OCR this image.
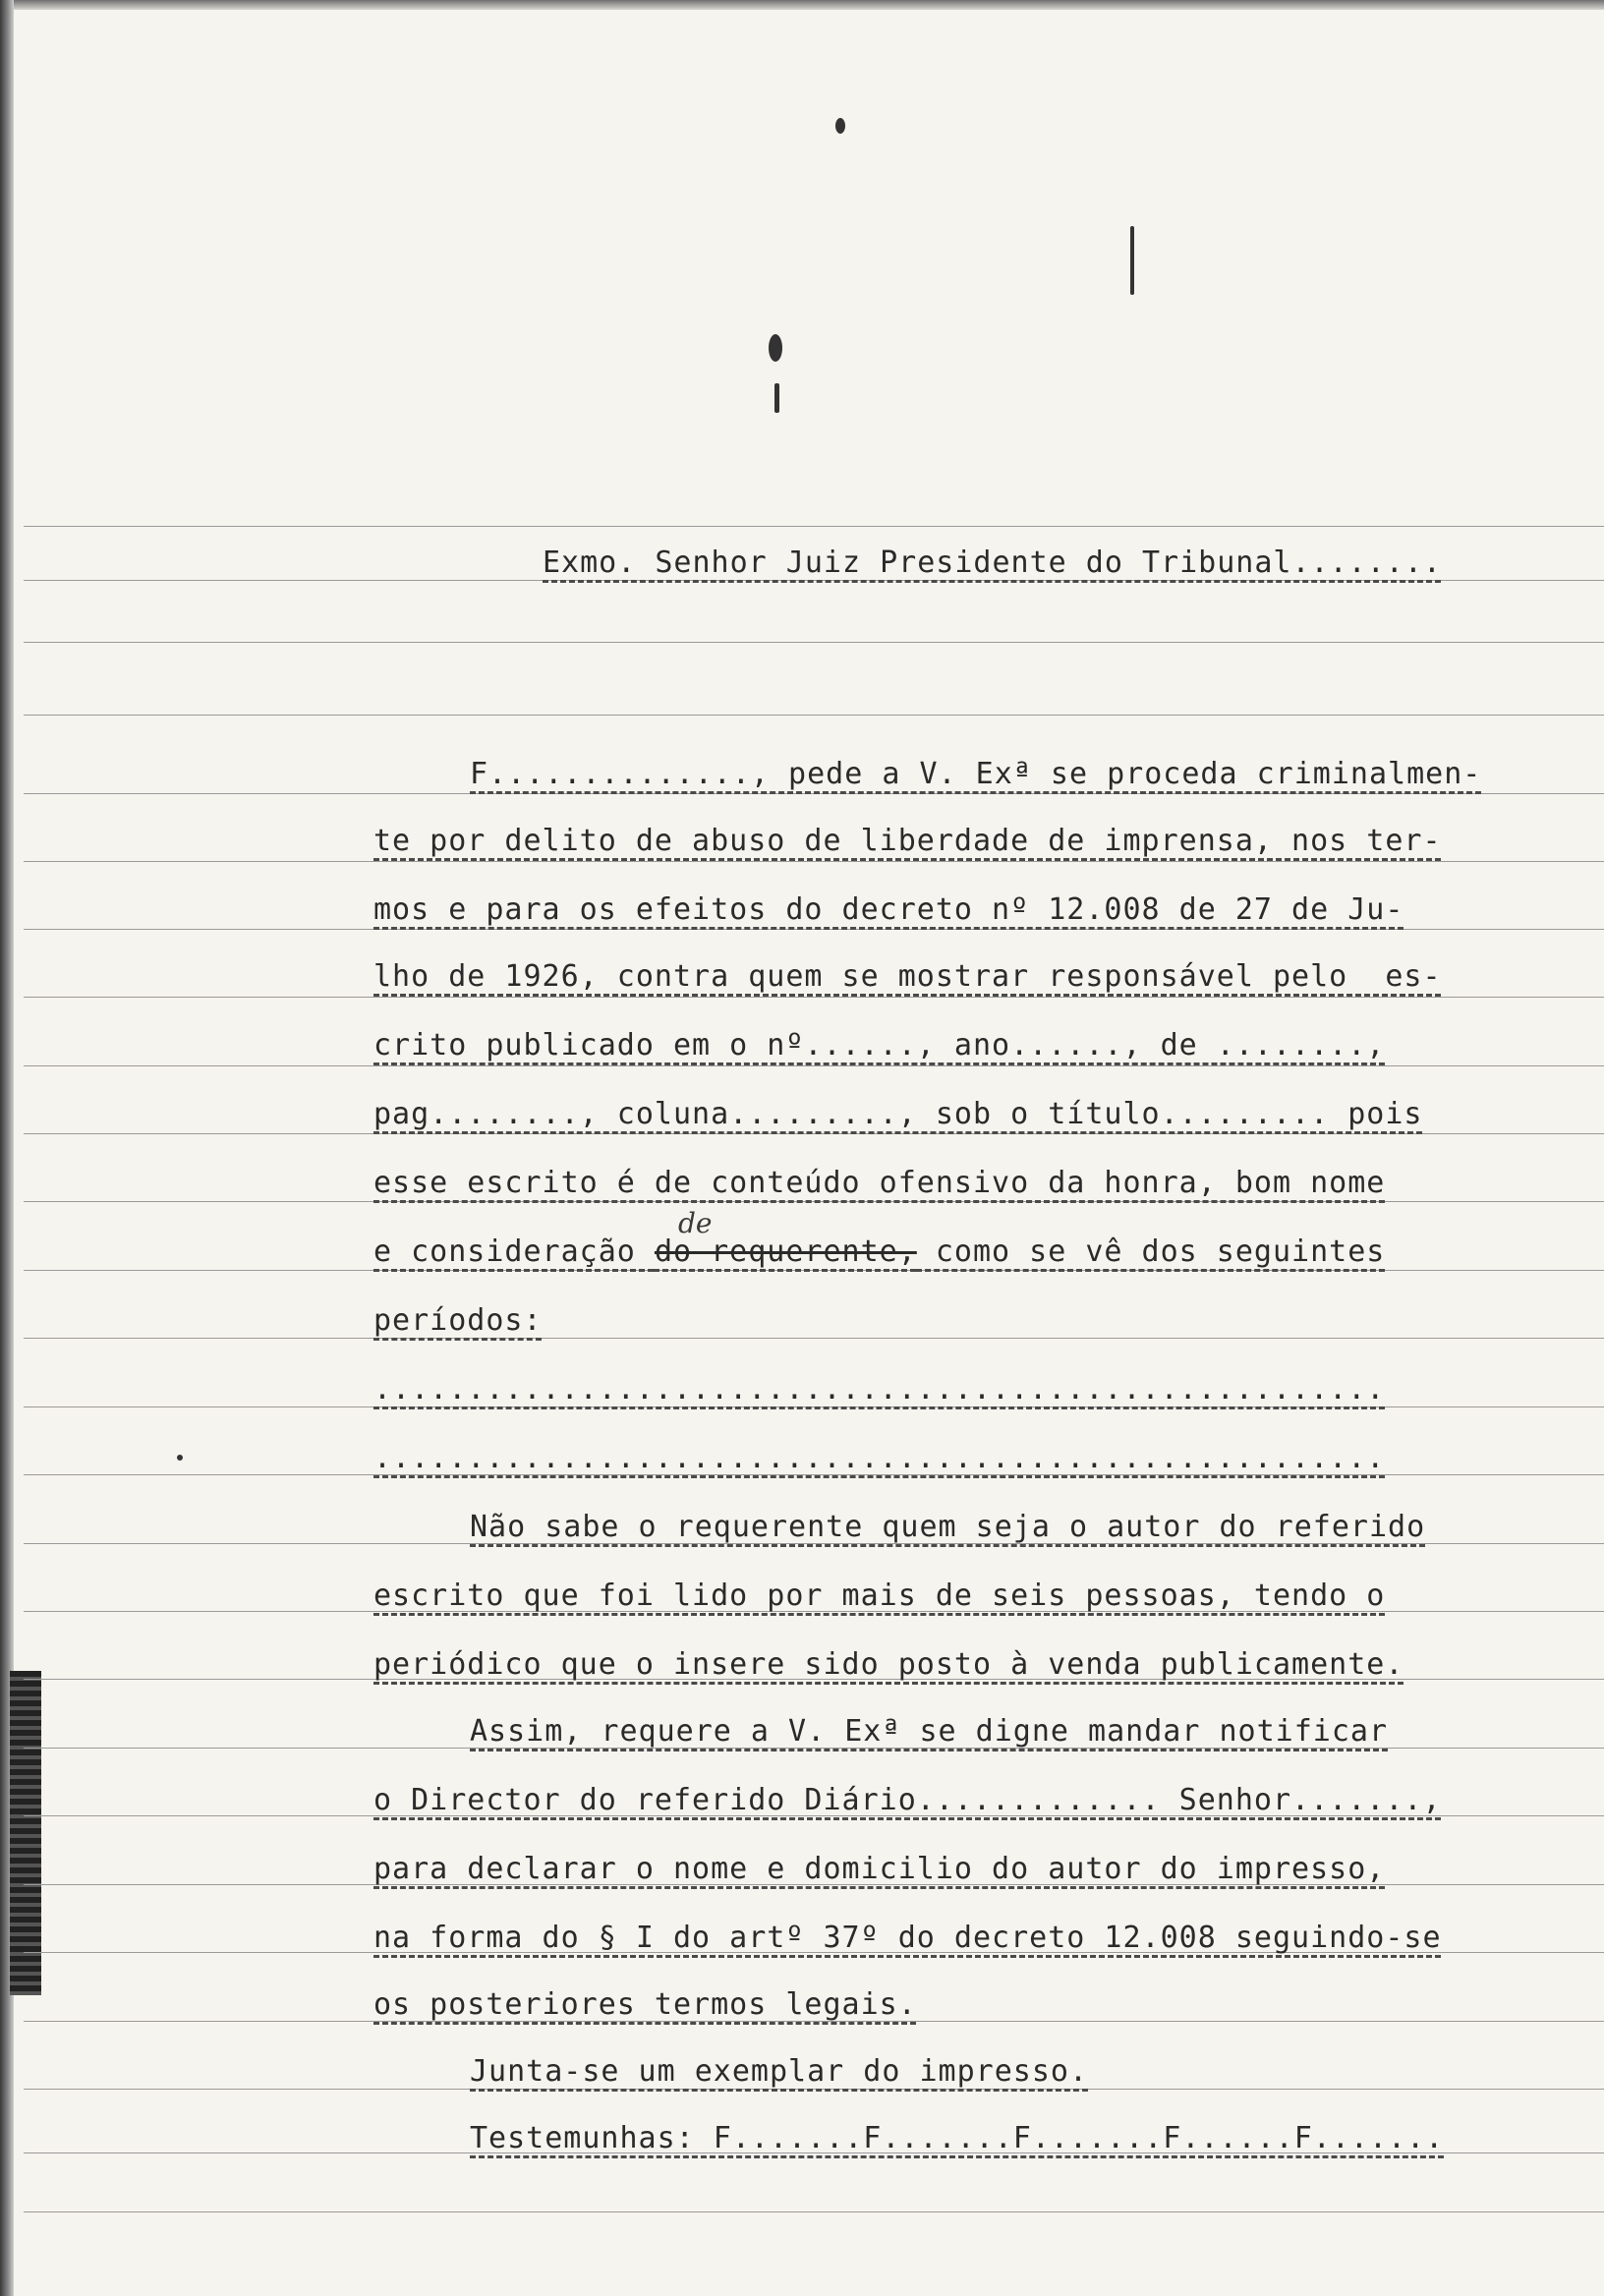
de
Exmo. Senhor Juiz Presidente do Tribunal........
F.............., pede a V. Exª se proceda criminalmen-
te por delito de abuso de liberdade de imprensa, nos ter-
mos e para os efeitos do decreto nº 12.008 de 27 de Ju-
lho de 1926, contra quem se mostrar responsável pelo  es-
crito publicado em o nº......, ano......, de ........,
pag........, coluna........., sob o título......... pois
esse escrito é de conteúdo ofensivo da honra, bom nome
e consideração do requerente, como se vê dos seguintes
períodos:
......................................................
......................................................
Não sabe o requerente quem seja o autor do referido
escrito que foi lido por mais de seis pessoas, tendo o
periódico que o insere sido posto à venda publicamente.
Assim, requere a V. Exª se digne mandar notificar
o Director do referido Diário............. Senhor.......,
para declarar o nome e domicilio do autor do impresso,
na forma do § I do artº 37º do decreto 12.008 seguindo-se
os posteriores termos legais.
Junta-se um exemplar do impresso.
Testemunhas: F.......F.......F.......F......F.......
